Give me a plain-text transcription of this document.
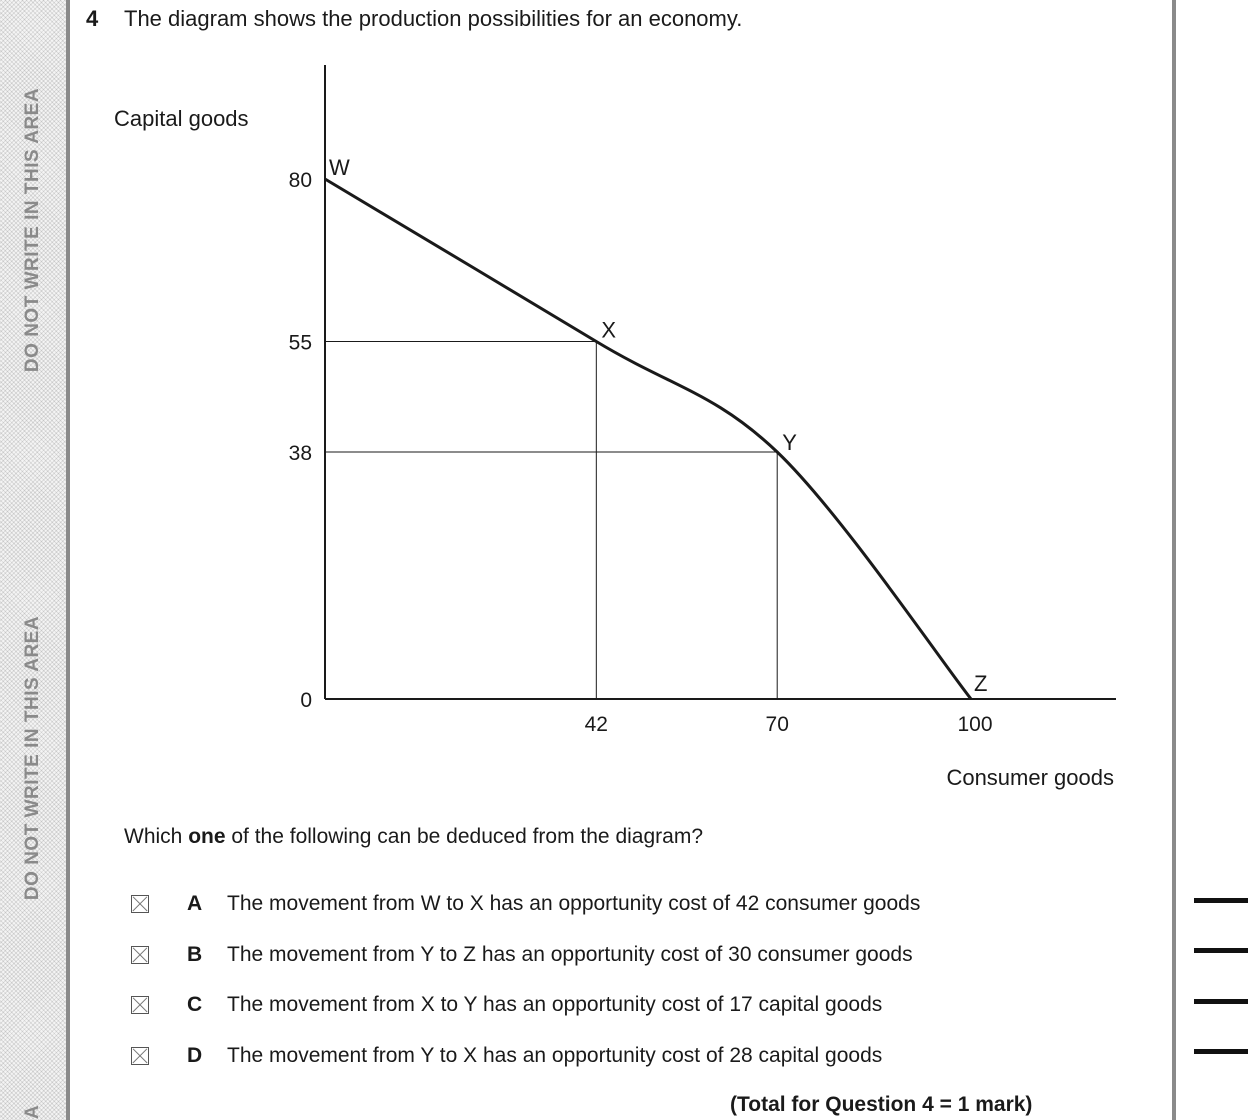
DO NOT WRITE IN THIS AREA
DO NOT WRITE IN THIS AREA
A
4 The diagram shows the production possibilities for an economy.
W
X
Y
Z
80
55
38
0
42	70	100
Capital goods
Consumer goods
Which one of the following can be deduced from the diagram?
A	The movement from W to X has an opportunity cost of 42 consumer goods
B	The movement from Y to Z has an opportunity cost of 30 consumer goods
C	The movement from X to Y has an opportunity cost of 17 capital goods
D	The movement from Y to X has an opportunity cost of 28 capital goods
(Total for Question 4 = 1 mark)
